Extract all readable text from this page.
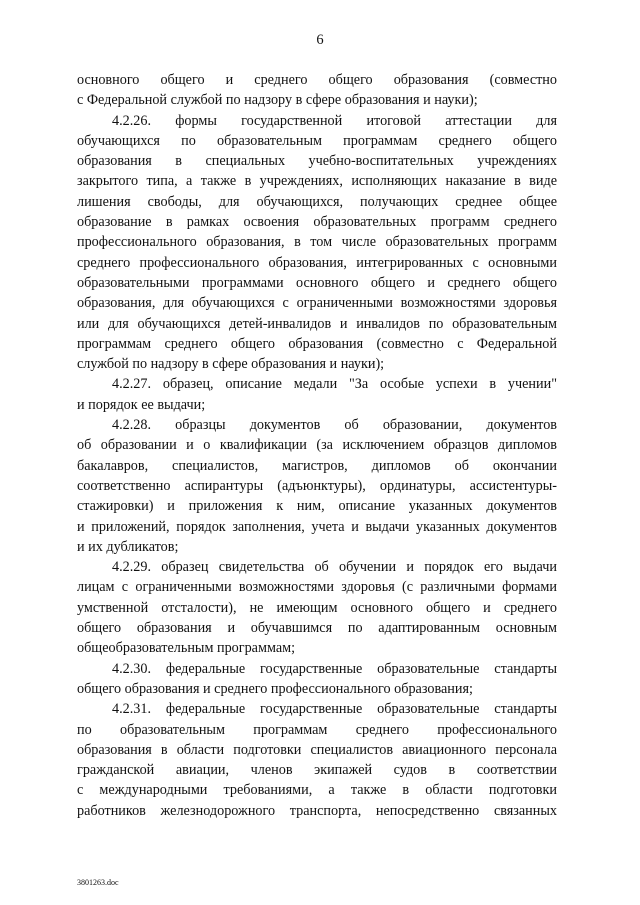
6
основного общего и среднего общего образования (совместно
с Федеральной службой по надзору в сфере образования и науки);
4.2.26. формы государственной итоговой аттестации для
обучающихся по образовательным программам среднего общего
образования в специальных учебно-воспитательных учреждениях
закрытого типа, а также в учреждениях, исполняющих наказание в виде
лишения свободы, для обучающихся, получающих среднее общее
образование в рамках освоения образовательных программ среднего
профессионального образования, в том числе образовательных программ
среднего профессионального образования, интегрированных с основными
образовательными программами основного общего и среднего общего
образования, для обучающихся с ограниченными возможностями здоровья
или для обучающихся детей-инвалидов и инвалидов по образовательным
программам среднего общего образования (совместно с Федеральной
службой по надзору в сфере образования и науки);
4.2.27. образец, описание медали "За особые успехи в учении"
и порядок ее выдачи;
4.2.28. образцы документов об образовании, документов
об образовании и о квалификации (за исключением образцов дипломов
бакалавров, специалистов, магистров, дипломов об окончании
соответственно аспирантуры (адъюнктуры), ординатуры, ассистентуры-
стажировки) и приложения к ним, описание указанных документов
и приложений, порядок заполнения, учета и выдачи указанных документов
и их дубликатов;
4.2.29. образец свидетельства об обучении и порядок его выдачи
лицам с ограниченными возможностями здоровья (с различными формами
умственной отсталости), не имеющим основного общего и среднего
общего образования и обучавшимся по адаптированным основным
общеобразовательным программам;
4.2.30. федеральные государственные образовательные стандарты
общего образования и среднего профессионального образования;
4.2.31. федеральные государственные образовательные стандарты
по образовательным программам среднего профессионального
образования в области подготовки специалистов авиационного персонала
гражданской авиации, членов экипажей судов в соответствии
с международными требованиями, а также в области подготовки
работников железнодорожного транспорта, непосредственно связанных
3801263.doc
